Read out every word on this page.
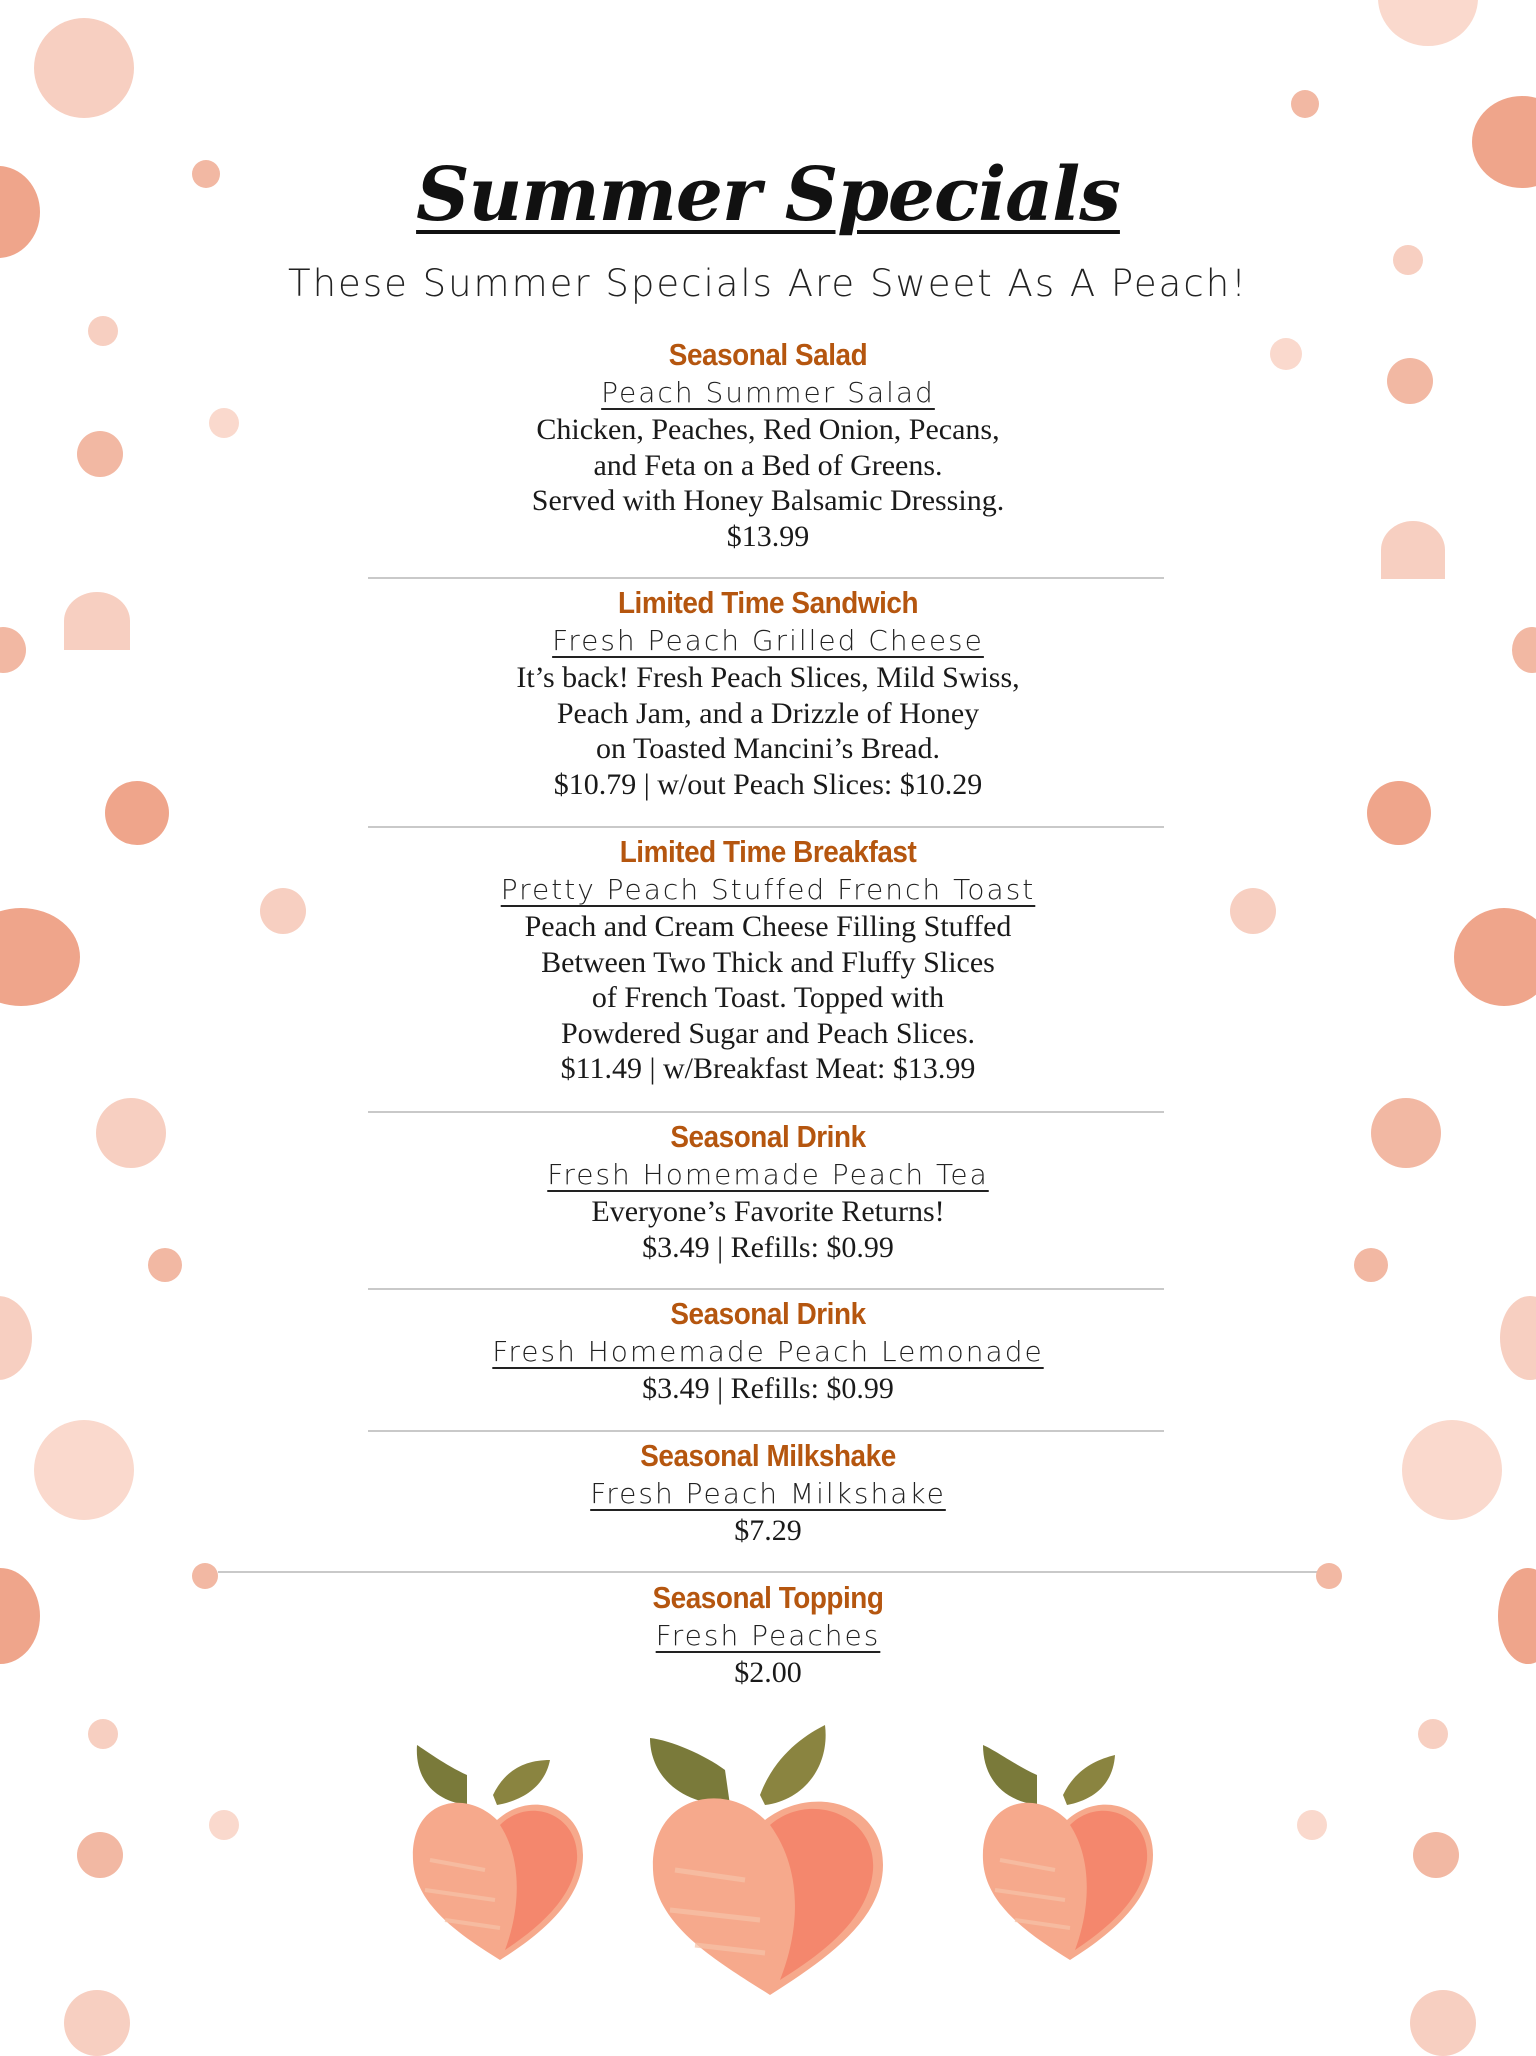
Summer Specials

These Summer Specials Are Sweet As A Peach!

Seasonal Salad
Peach Summer Salad
Chicken, Peaches, Red Onion, Pecans,
and Feta on a Bed of Greens.
Served with Honey Balsamic Dressing.
$13.99
Limited Time Sandwich
Fresh Peach Grilled Cheese
It’s back! Fresh Peach Slices, Mild Swiss,
Peach Jam, and a Drizzle of Honey
on Toasted Mancini’s Bread.
$10.79 | w/out Peach Slices: $10.29
Limited Time Breakfast
Pretty Peach Stuffed French Toast
Peach and Cream Cheese Filling Stuffed
Between Two Thick and Fluffy Slices
of French Toast. Topped with
Powdered Sugar and Peach Slices.
$11.49 | w/Breakfast Meat: $13.99
Seasonal Drink
Fresh Homemade Peach Tea
Everyone’s Favorite Returns!
$3.49 | Refills: $0.99
Seasonal Drink
Fresh Homemade Peach Lemonade
$3.49 | Refills: $0.99
Seasonal Milkshake
Fresh Peach Milkshake
$7.29
Seasonal Topping
Fresh Peaches
$2.00
